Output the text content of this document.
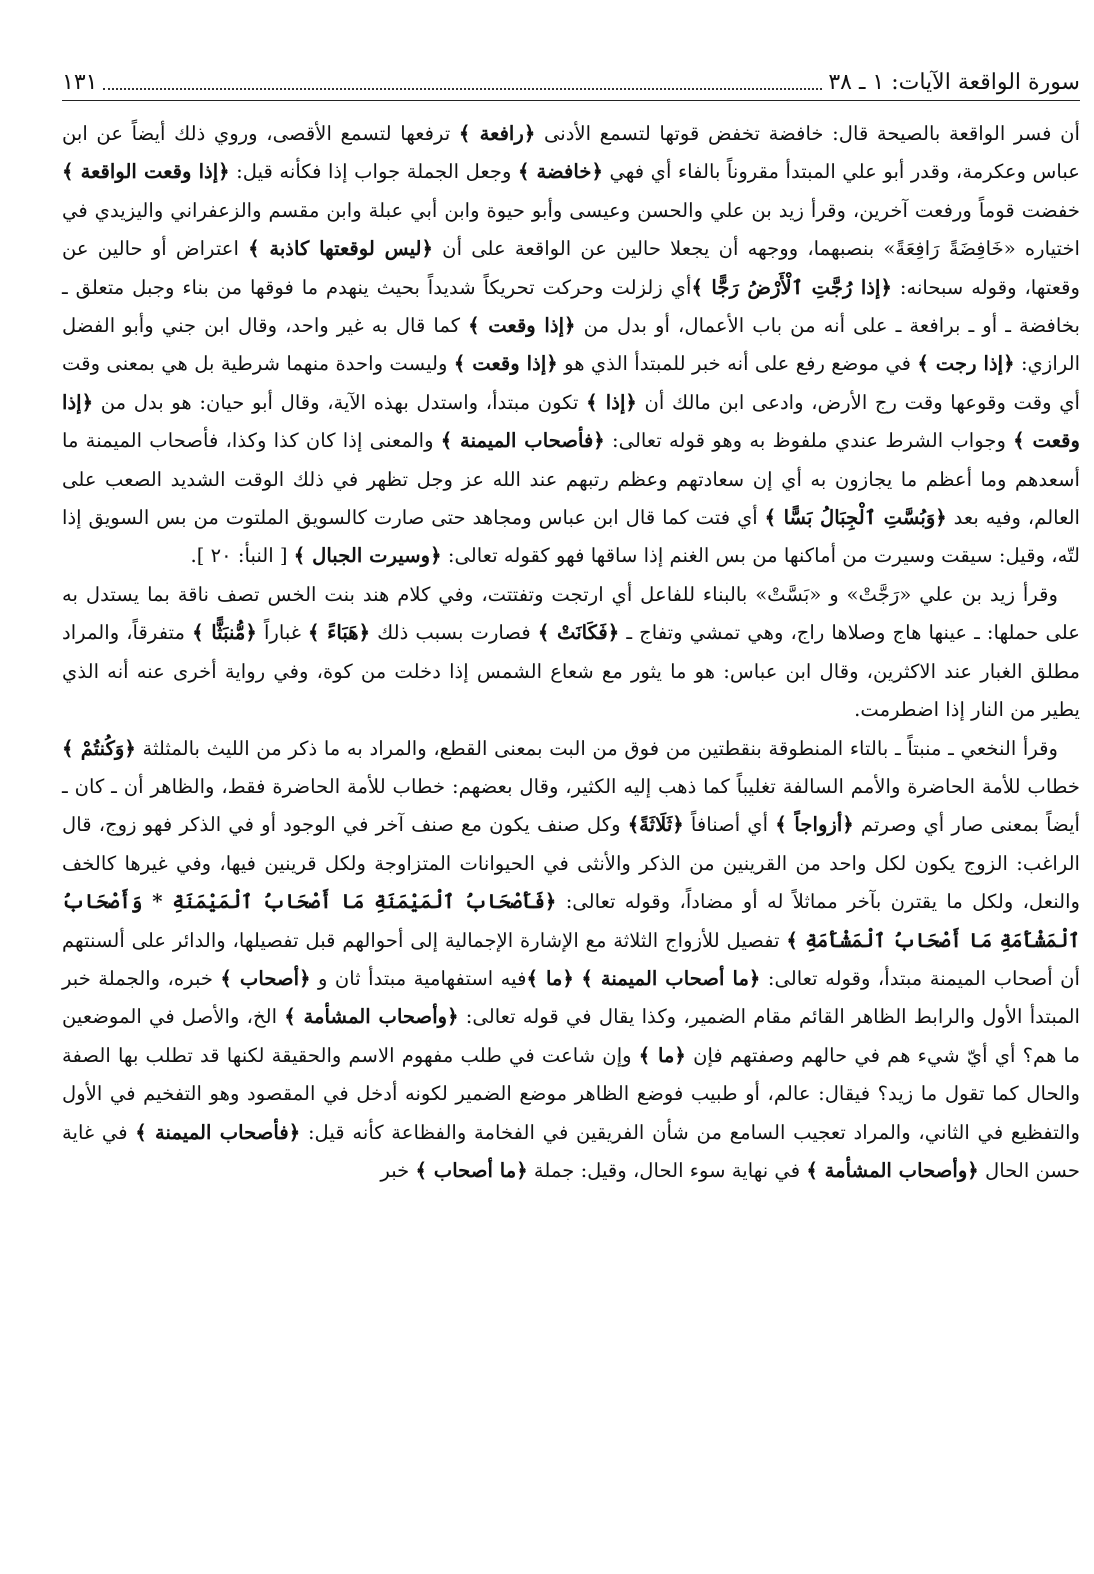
سورة الواقعة الآيات: ١ ـ ٣٨
١٣١

أن فسر الواقعة بالصيحة قال: خافضة تخفض قوتها لتسمع الأدنى ﴿رافعة ﴾ ترفعها لتسمع الأقصى، وروي ذلك أيضاً عن ابن عباس وعكرمة، وقدر أبو علي المبتدأ مقروناً بالفاء أي فهي ﴿خافضة ﴾ وجعل الجملة جواب إذا فكأنه قيل: ﴿إذا وقعت الواقعة ﴾ خفضت قوماً ورفعت آخرين، وقرأ زيد بن علي والحسن وعيسى وأبو حيوة وابن أبي عبلة وابن مقسم والزعفراني واليزيدي في اختياره «خَافِضَةً رَافِعَةً» بنصبهما، ووجهه أن يجعلا حالين عن الواقعة على أن ﴿ليس لوقعتها كاذبة ﴾ اعتراض أو حالين عن وقعتها، وقوله سبحانه: ﴿إذا رُجَّتِ ٱلْأَرْضُ رَجًّا ﴾أي زلزلت وحركت تحريكاً شديداً بحيث ينهدم ما فوقها من بناء وجبل متعلق ـ بخافضة ـ أو ـ برافعة ـ على أنه من باب الأعمال، أو بدل من ﴿إذا وقعت ﴾ كما قال به غير واحد، وقال ابن جني وأبو الفضل الرازي: ﴿إذا رجت ﴾ في موضع رفع على أنه خبر للمبتدأ الذي هو ﴿إذا وقعت ﴾ وليست واحدة منهما شرطية بل هي بمعنى وقت أي وقت وقوعها وقت رج الأرض، وادعى ابن مالك أن ﴿إذا ﴾ تكون مبتدأ، واستدل بهذه الآية، وقال أبو حيان: هو بدل من ﴿إذا وقعت ﴾ وجواب الشرط عندي ملفوظ به وهو قوله تعالى: ﴿فأصحاب الميمنة ﴾ والمعنى إذا كان كذا وكذا، فأصحاب الميمنة ما أسعدهم وما أعظم ما يجازون به أي إن سعادتهم وعظم رتبهم عند الله عز وجل تظهر في ذلك الوقت الشديد الصعب على العالم، وفيه بعد ﴿وَبُسَّتِ ٱلْجِبَالُ بَسًّا ﴾ أي فتت كما قال ابن عباس ومجاهد حتى صارت كالسويق الملتوت من بس السويق إذا لتّه، وقيل: سيقت وسيرت من أماكنها من بس الغنم إذا ساقها فهو كقوله تعالى: ﴿وسيرت الجبال ﴾ [ النبأ: ٢٠ ].

وقرأ زيد بن علي «رَجَّتْ» و «بَسَّتْ» بالبناء للفاعل أي ارتجت وتفتتت، وفي كلام هند بنت الخس تصف ناقة بما يستدل به على حملها: ـ عينها هاج وصلاها راج، وهي تمشي وتفاج ـ ﴿فَكَانَتْ ﴾ فصارت بسبب ذلك ﴿هَبَاءً ﴾ غباراً ﴿مُّنبَثًّا ﴾ متفرقاً، والمراد مطلق الغبار عند الاكثرين، وقال ابن عباس: هو ما يثور مع شعاع الشمس إذا دخلت من كوة، وفي رواية أخرى عنه أنه الذي يطير من النار إذا اضطرمت.

وقرأ النخعي ـ منبتاً ـ بالتاء المنطوقة بنقطتين من فوق من البت بمعنى القطع، والمراد به ما ذكر من الليث بالمثلثة ﴿وَكُنتُمْ ﴾ خطاب للأمة الحاضرة والأمم السالفة تغليباً كما ذهب إليه الكثير، وقال بعضهم: خطاب للأمة الحاضرة فقط، والظاهر أن ـ كان ـ أيضاً بمعنى صار أي وصرتم ﴿أزواجاً ﴾ أي أصنافاً ﴿ثَلَاثَةً﴾ وكل صنف يكون مع صنف آخر في الوجود أو في الذكر فهو زوج، قال الراغب: الزوج يكون لكل واحد من القرينين من الذكر والأنثى في الحيوانات المتزاوجة ولكل قرينين فيها، وفي غيرها كالخف والنعل، ولكل ما يقترن بآخر مماثلاً له أو مضاداً، وقوله تعالى: ﴿فَأَصْحَابُ ٱلْمَيْمَنَةِ مَا أَصْحَابُ ٱلْمَيْمَنَةِ * وَأَصْحَابُ ٱلْمَشْأَمَةِ مَا أَصْحَابُ ٱلْمَشْأَمَةِ ﴾ تفصيل للأزواج الثلاثة مع الإشارة الإجمالية إلى أحوالهم قبل تفصيلها، والدائر على ألسنتهم أن أصحاب الميمنة مبتدأ، وقوله تعالى: ﴿ما أصحاب الميمنة ﴾ ﴿ما ﴾فيه استفهامية مبتدأ ثان و ﴿أصحاب ﴾ خبره، والجملة خبر المبتدأ الأول والرابط الظاهر القائم مقام الضمير، وكذا يقال في قوله تعالى: ﴿وأصحاب المشأمة ﴾ الخ، والأصل في الموضعين ما هم؟ أي أيّ شيء هم في حالهم وصفتهم فإن ﴿ما ﴾ وإن شاعت في طلب مفهوم الاسم والحقيقة لكنها قد تطلب بها الصفة والحال كما تقول ما زيد؟ فيقال: عالم، أو طبيب فوضع الظاهر موضع الضمير لكونه أدخل في المقصود وهو التفخيم في الأول والتفظيع في الثاني، والمراد تعجيب السامع من شأن الفريقين في الفخامة والفظاعة كأنه قيل: ﴿فأصحاب الميمنة ﴾ في غاية حسن الحال ﴿وأصحاب المشأمة ﴾ في نهاية سوء الحال، وقيل: جملة ﴿ما أصحاب ﴾ خبر
